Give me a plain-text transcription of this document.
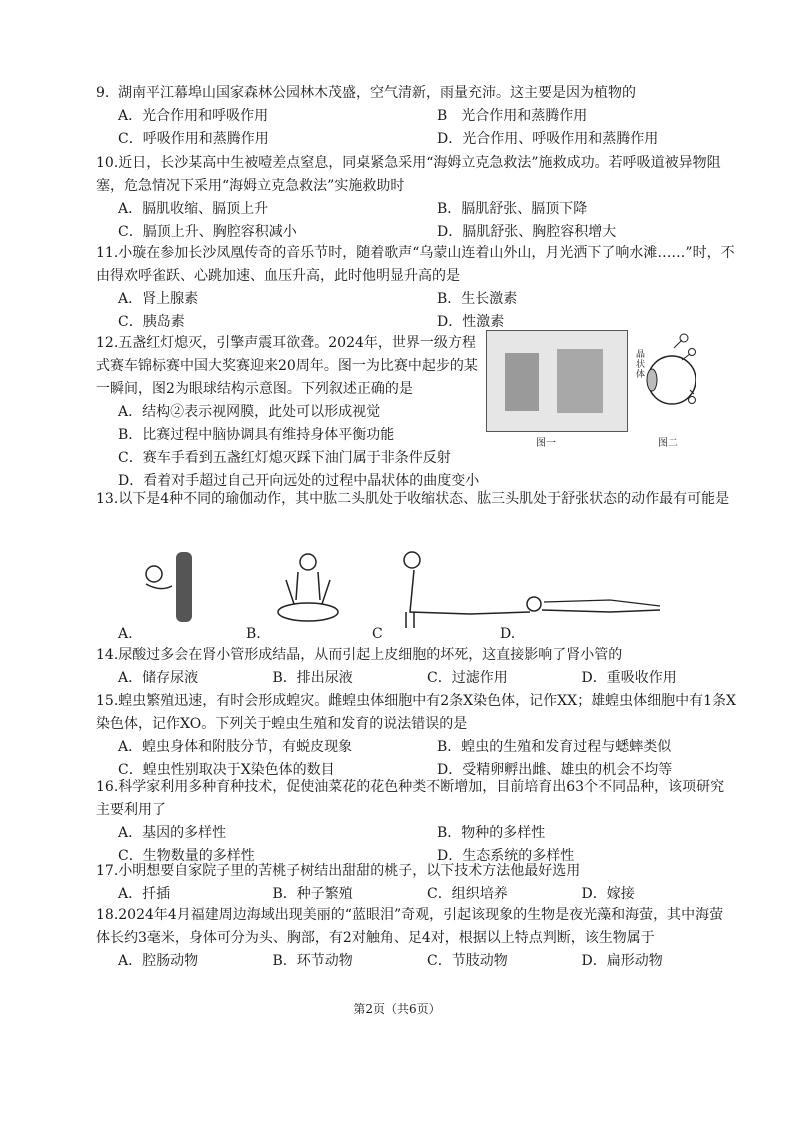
9. 湖南平江幕埠山国家森林公园林木茂盛，空气清新，雨量充沛。这主要是因为植物的

A．光合作用和呼吸作用	B　光合作用和蒸腾作用
C．呼吸作用和蒸腾作用	D．光合作用、呼吸作用和蒸腾作用

10.近日，长沙某高中生被噎差点窒息，同桌紧急采用“海姆立克急救法”施救成功。若呼吸道被异物阻塞，危急情况下采用“海姆立克急救法”实施救助时

A．膈肌收缩、膈顶上升	B．膈肌舒张、膈顶下降
C．膈顶上升、胸腔容积减小	D．膈肌舒张、胸腔容积增大

11.小璇在参加长沙凤凰传奇的音乐节时，随着歌声“乌蒙山连着山外山，月光洒下了响水滩……”时，不由得欢呼雀跃、心跳加速、血压升高，此时他明显升高的是

A．肾上腺素	B．生长激素
C．胰岛素	D．性激素

12.五盏红灯熄灭，引擎声震耳欲聋。2024年，世界一级方程式赛车锦标赛中国大奖赛迎来20周年。图一为比赛中起步的某一瞬间，图2为眼球结构示意图。下列叙述正确的是

A．结构②表示视网膜，此处可以形成视觉
B．比赛过程中脑协调具有维持身体平衡功能
C．赛车手看到五盏红灯熄灭踩下油门属于非条件反射
D．看着对手超过自己开向远处的过程中晶状体的曲度变小
晶状体
图一	图二

13.以下是4种不同的瑜伽动作，其中肱二头肌处于收缩状态、肱三头肌处于舒张状态的动作最有可能是

A.	B.	C	D.

14.尿酸过多会在肾小管形成结晶，从而引起上皮细胞的坏死，这直接影响了肾小管的

A．储存尿液	B．排出尿液	C．过滤作用	D．重吸收作用

15.蝗虫繁殖迅速，有时会形成蝗灾。雌蝗虫体细胞中有2条X染色体，记作XX；雄蝗虫体细胞中有1条X染色体，记作XO。下列关于蝗虫生殖和发育的说法错误的是

A．蝗虫身体和附肢分节，有蜕皮现象	B．蝗虫的生殖和发育过程与蟋蟀类似
C．蝗虫性别取决于X染色体的数目	D．受精卵孵出雌、雄虫的机会不均等

16.科学家利用多种育种技术，促使油菜花的花色种类不断增加，目前培育出63个不同品种，该项研究主要利用了

A．基因的多样性	B．物种的多样性
C．生物数量的多样性	D．生态系统的多样性

17.小明想要自家院子里的苦桃子树结出甜甜的桃子，以下技术方法他最好选用

A．扦插	B．种子繁殖	C．组织培养	D．嫁接

18.2024年4月福建周边海域出现美丽的“蓝眼泪”奇观，引起该现象的生物是夜光藻和海萤，其中海萤体长约3毫米，身体可分为头、胸部，有2对触角、足4对，根据以上特点判断，该生物属于

A．腔肠动物	B．环节动物	C．节肢动物	D．扁形动物
第2页（共6页）
